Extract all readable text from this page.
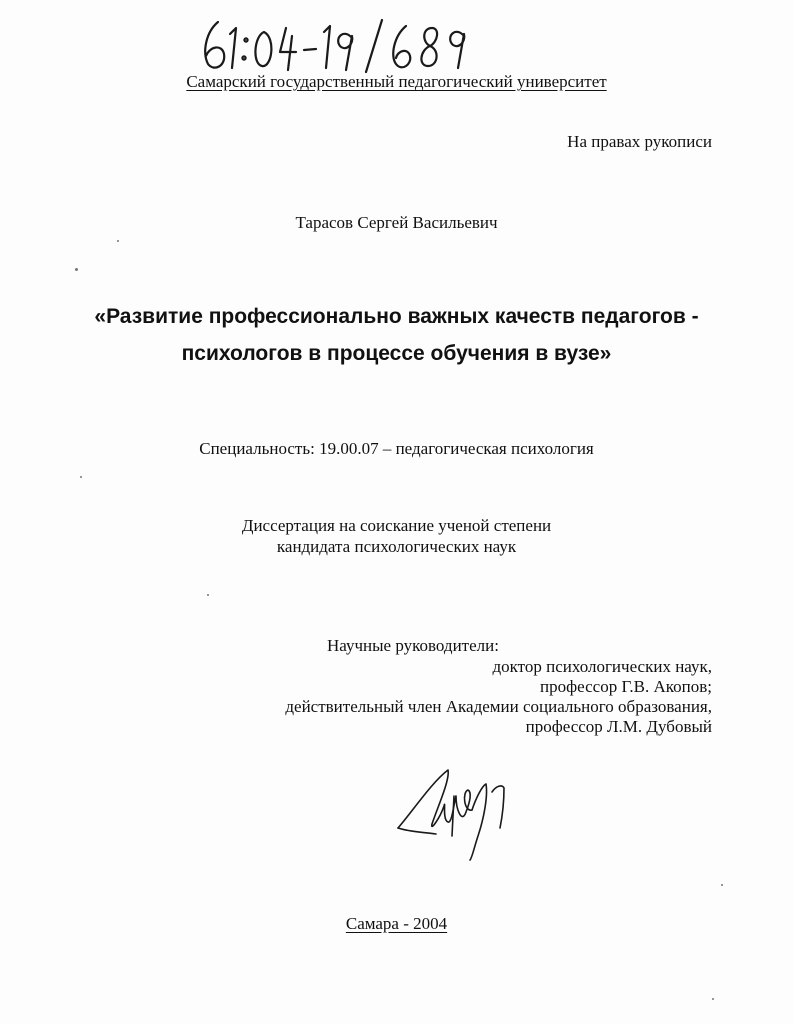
Самарский государственный педагогический университет
На правах рукописи
Тарасов Сергей Васильевич
«Развитие профессионально важных качеств педагогов -
психологов в процессе обучения в вузе»
Специальность: 19.00.07 – педагогическая психология
Диссертация на соискание ученой степени
кандидата психологических наук
Научные руководители:
доктор психологических наук,
профессор Г.В. Акопов;
действительный член Академии социального образования,
профессор Л.М. Дубовый
Самара - 2004
